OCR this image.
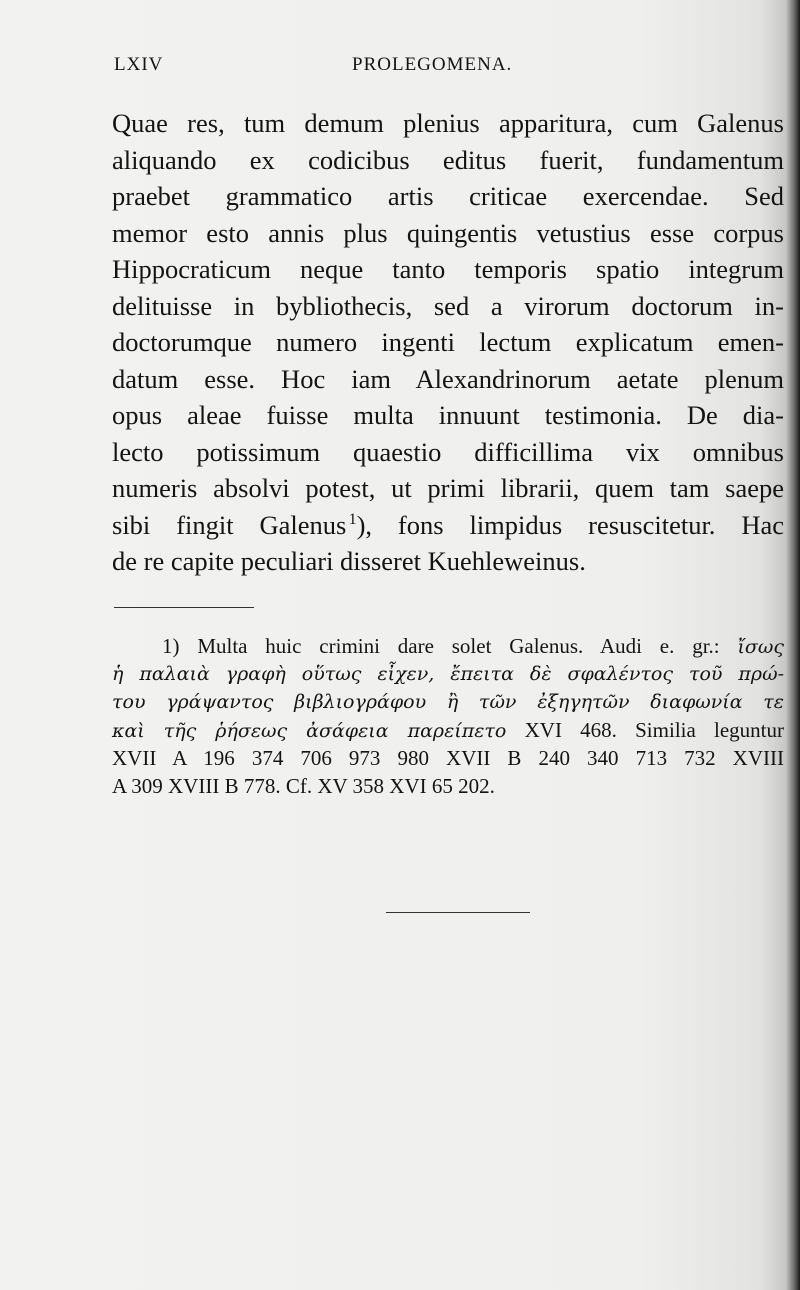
LXIV	PROLEGOMENA.
Quae res, tum demum plenius apparitura, cum Galenus
aliquando ex codicibus editus fuerit, fundamentum
praebet grammatico artis criticae exercendae. Sed
memor esto annis plus quingentis vetustius esse corpus
Hippocraticum neque tanto temporis spatio integrum
delituisse in bybliothecis, sed a virorum doctorum in-
doctorumque numero ingenti lectum explicatum emen-
datum esse. Hoc iam Alexandrinorum aetate plenum
opus aleae fuisse multa innuunt testimonia. De dia-
lecto potissimum quaestio difficillima vix omnibus
numeris absolvi potest, ut primi librarii, quem tam saepe
sibi fingit Galenus  $^1$), fons limpidus resuscitetur. Hac
de re capite peculiari disseret Kuehleweinus.
1) Multa huic crimini dare solet Galenus. Audi e. gr.: ἴσως
ἡ παλαιὰ γραφὴ οὕτως εἶχεν, ἔπειτα δὲ σφαλέντος τοῦ πρώ-
του γράψαντος βιβλιογράφου ἢ τῶν ἐξηγητῶν διαφωνία τε
καὶ τῆς ῥήσεως ἀσάφεια παρείπετο XVI 468. Similia leguntur
XVII A 196 374 706 973 980 XVII B 240 340 713 732 XVIII
A 309 XVIII B 778. Cf. XV 358 XVI 65 202.
